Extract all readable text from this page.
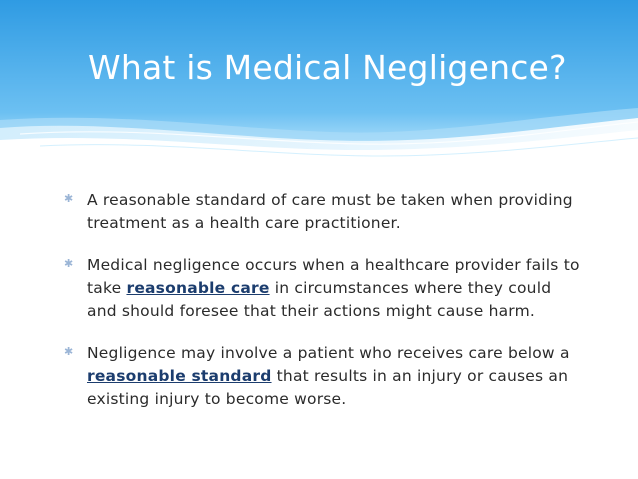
What is Medical Negligence?
✱ A reasonable standard of care must be taken when providing treatment as a health care practitioner.
✱ Medical negligence occurs when a healthcare provider fails to take reasonable care in circumstances where they could and should foresee that their actions might cause harm.
✱ Negligence may involve a patient who receives care below a reasonable standard that results in an injury or causes an existing injury to become worse.
